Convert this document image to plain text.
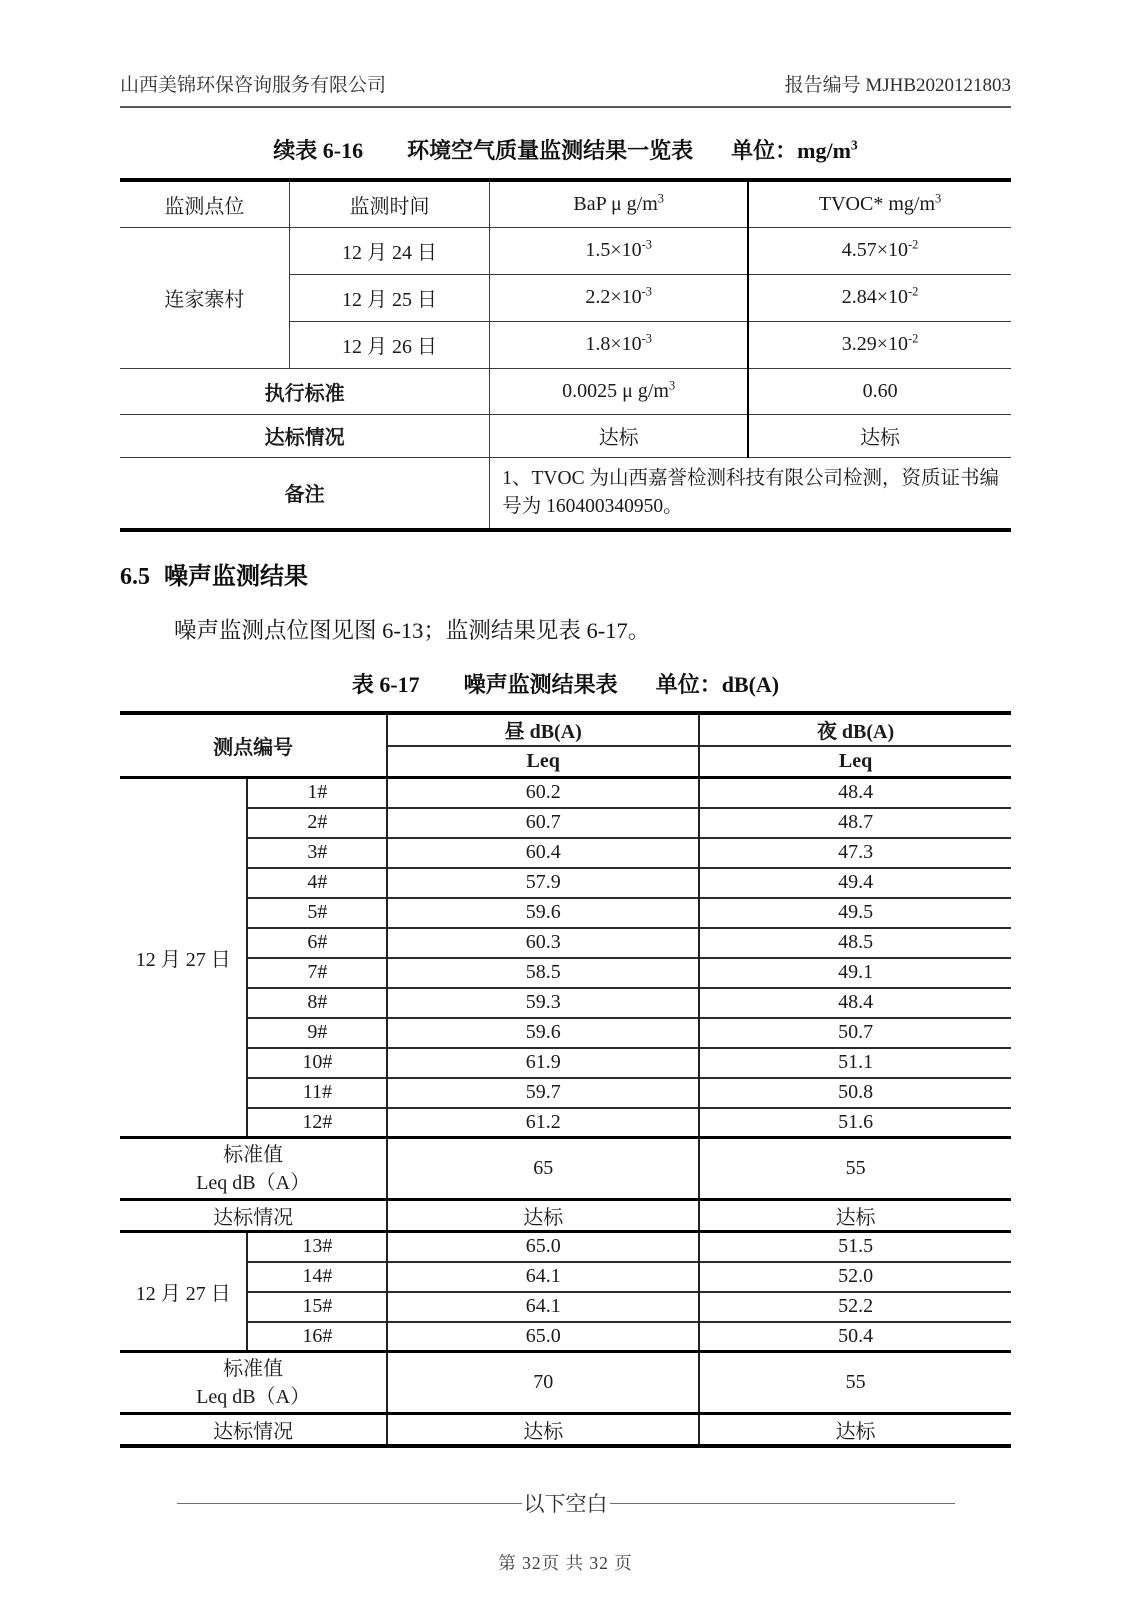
山西美锦环保咨询服务有限公司	报告编号 MJHB2020121803
续表 6-16 环境空气质量监测结果一览表 单位：$mg/m^3$
监测点位	监测时间	BaP μ $g/m^3$	TVOC* $mg/m^3$
连家寨村	12 月 24 日	$1.5\times 10^{-3}$	$4.57\times 10^{-2}$
	12 月 25 日	$2.2\times 10^{-3}$	$2.84\times 10^{-2}$
	12 月 26 日	$1.8\times 10^{-3}$	$3.29\times 10^{-2}$
执行标准		0.0025 μ $g/m^3$	0.60
达标情况		达标	达标
备注		1、TVOC 为山西嘉誉检测科技有限公司检测，资质证书编号为 160400340950。	
6.5 噪声监测结果

噪声监测点位图见图 6-13；监测结果见表 6-17。

表 6-17 噪声监测结果表 单位：dB(A)
测点编号		昼 dB(A)	夜 dB(A)
		Leq	Leq
12 月 27 日	1#	60.2	48.4
	2#	60.7	48.7
	3#	60.4	47.3
	4#	57.9	49.4
	5#	59.6	49.5
	6#	60.3	48.5
	7#	58.5	49.1
	8#	59.3	48.4
	9#	59.6	50.7
	10#	61.9	51.1
	11#	59.7	50.8
	12#	61.2	51.6

标准值
Leq dB（A）		65	55
达标情况		达标	达标
12 月 27 日	13#	65.0	51.5
	14#	64.1	52.0
	15#	64.1	52.2
	16#	65.0	50.4

标准值
Leq dB（A）		70	55
达标情况		达标	达标
以下空白
第 32页 共 32 页
